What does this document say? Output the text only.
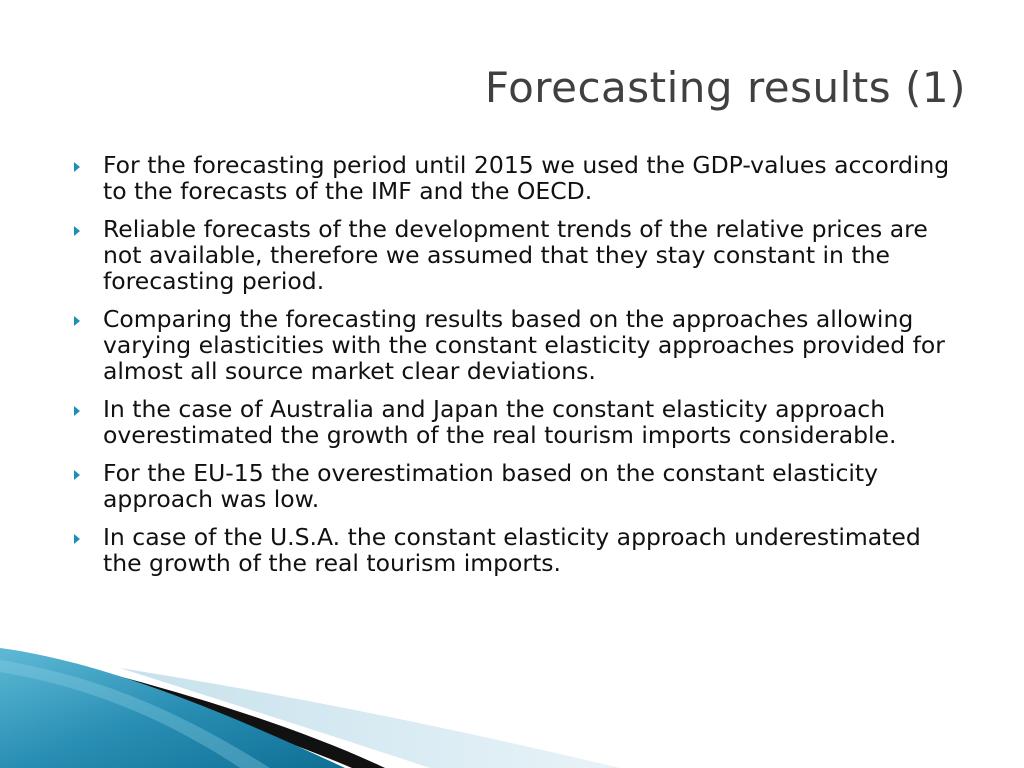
Forecasting results (1)
For the forecasting period until 2015 we used the GDP-values according to the forecasts of the IMF and the OECD.
Reliable forecasts of the development trends of the relative prices are not available, therefore we assumed that they stay constant in the forecasting period.
Comparing the forecasting results based on the approaches allowing varying elasticities with the constant elasticity approaches provided for almost all source market clear deviations.
In the case of Australia and Japan the constant elasticity approach overestimated the growth of the real tourism imports considerable.
For the EU-15 the overestimation based on the constant elasticity approach was low.
In case of the U.S.A. the constant elasticity approach underestimated the growth of the real tourism imports.
